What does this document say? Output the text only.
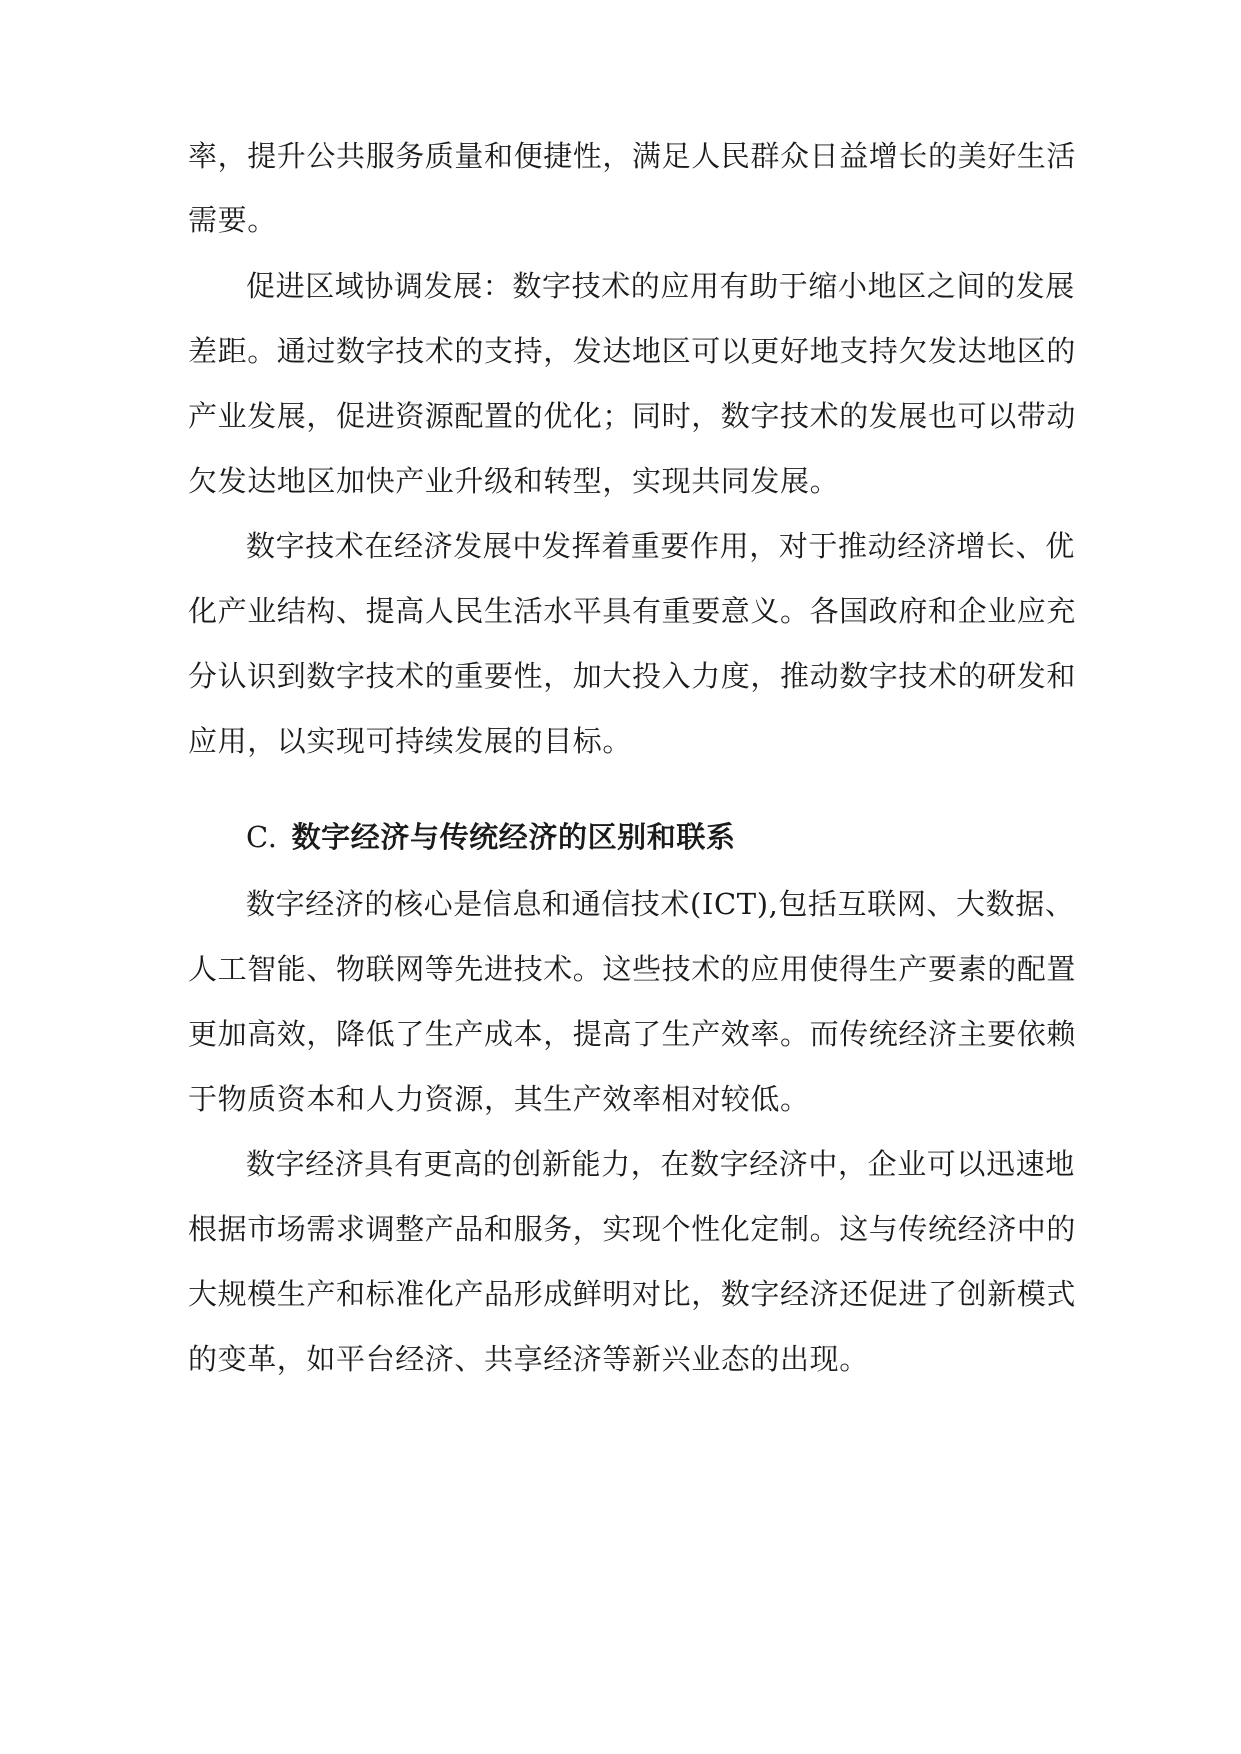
率，提升公共服务质量和便捷性，满足人民群众日益增长的美好生活
需要。
促进区域协调发展：数字技术的应用有助于缩小地区之间的发展
差距。通过数字技术的支持，发达地区可以更好地支持欠发达地区的
产业发展，促进资源配置的优化；同时，数字技术的发展也可以带动
欠发达地区加快产业升级和转型，实现共同发展。
数字技术在经济发展中发挥着重要作用，对于推动经济增长、优
化产业结构、提高人民生活水平具有重要意义。各国政府和企业应充
分认识到数字技术的重要性，加大投入力度，推动数字技术的研发和
应用，以实现可持续发展的目标。
C. 数字经济与传统经济的区别和联系
数字经济的核心是信息和通信技术(ICT),包括互联网、大数据、
人工智能、物联网等先进技术。这些技术的应用使得生产要素的配置
更加高效，降低了生产成本，提高了生产效率。而传统经济主要依赖
于物质资本和人力资源，其生产效率相对较低。
数字经济具有更高的创新能力，在数字经济中，企业可以迅速地
根据市场需求调整产品和服务，实现个性化定制。这与传统经济中的
大规模生产和标准化产品形成鲜明对比，数字经济还促进了创新模式
的变革，如平台经济、共享经济等新兴业态的出现。
